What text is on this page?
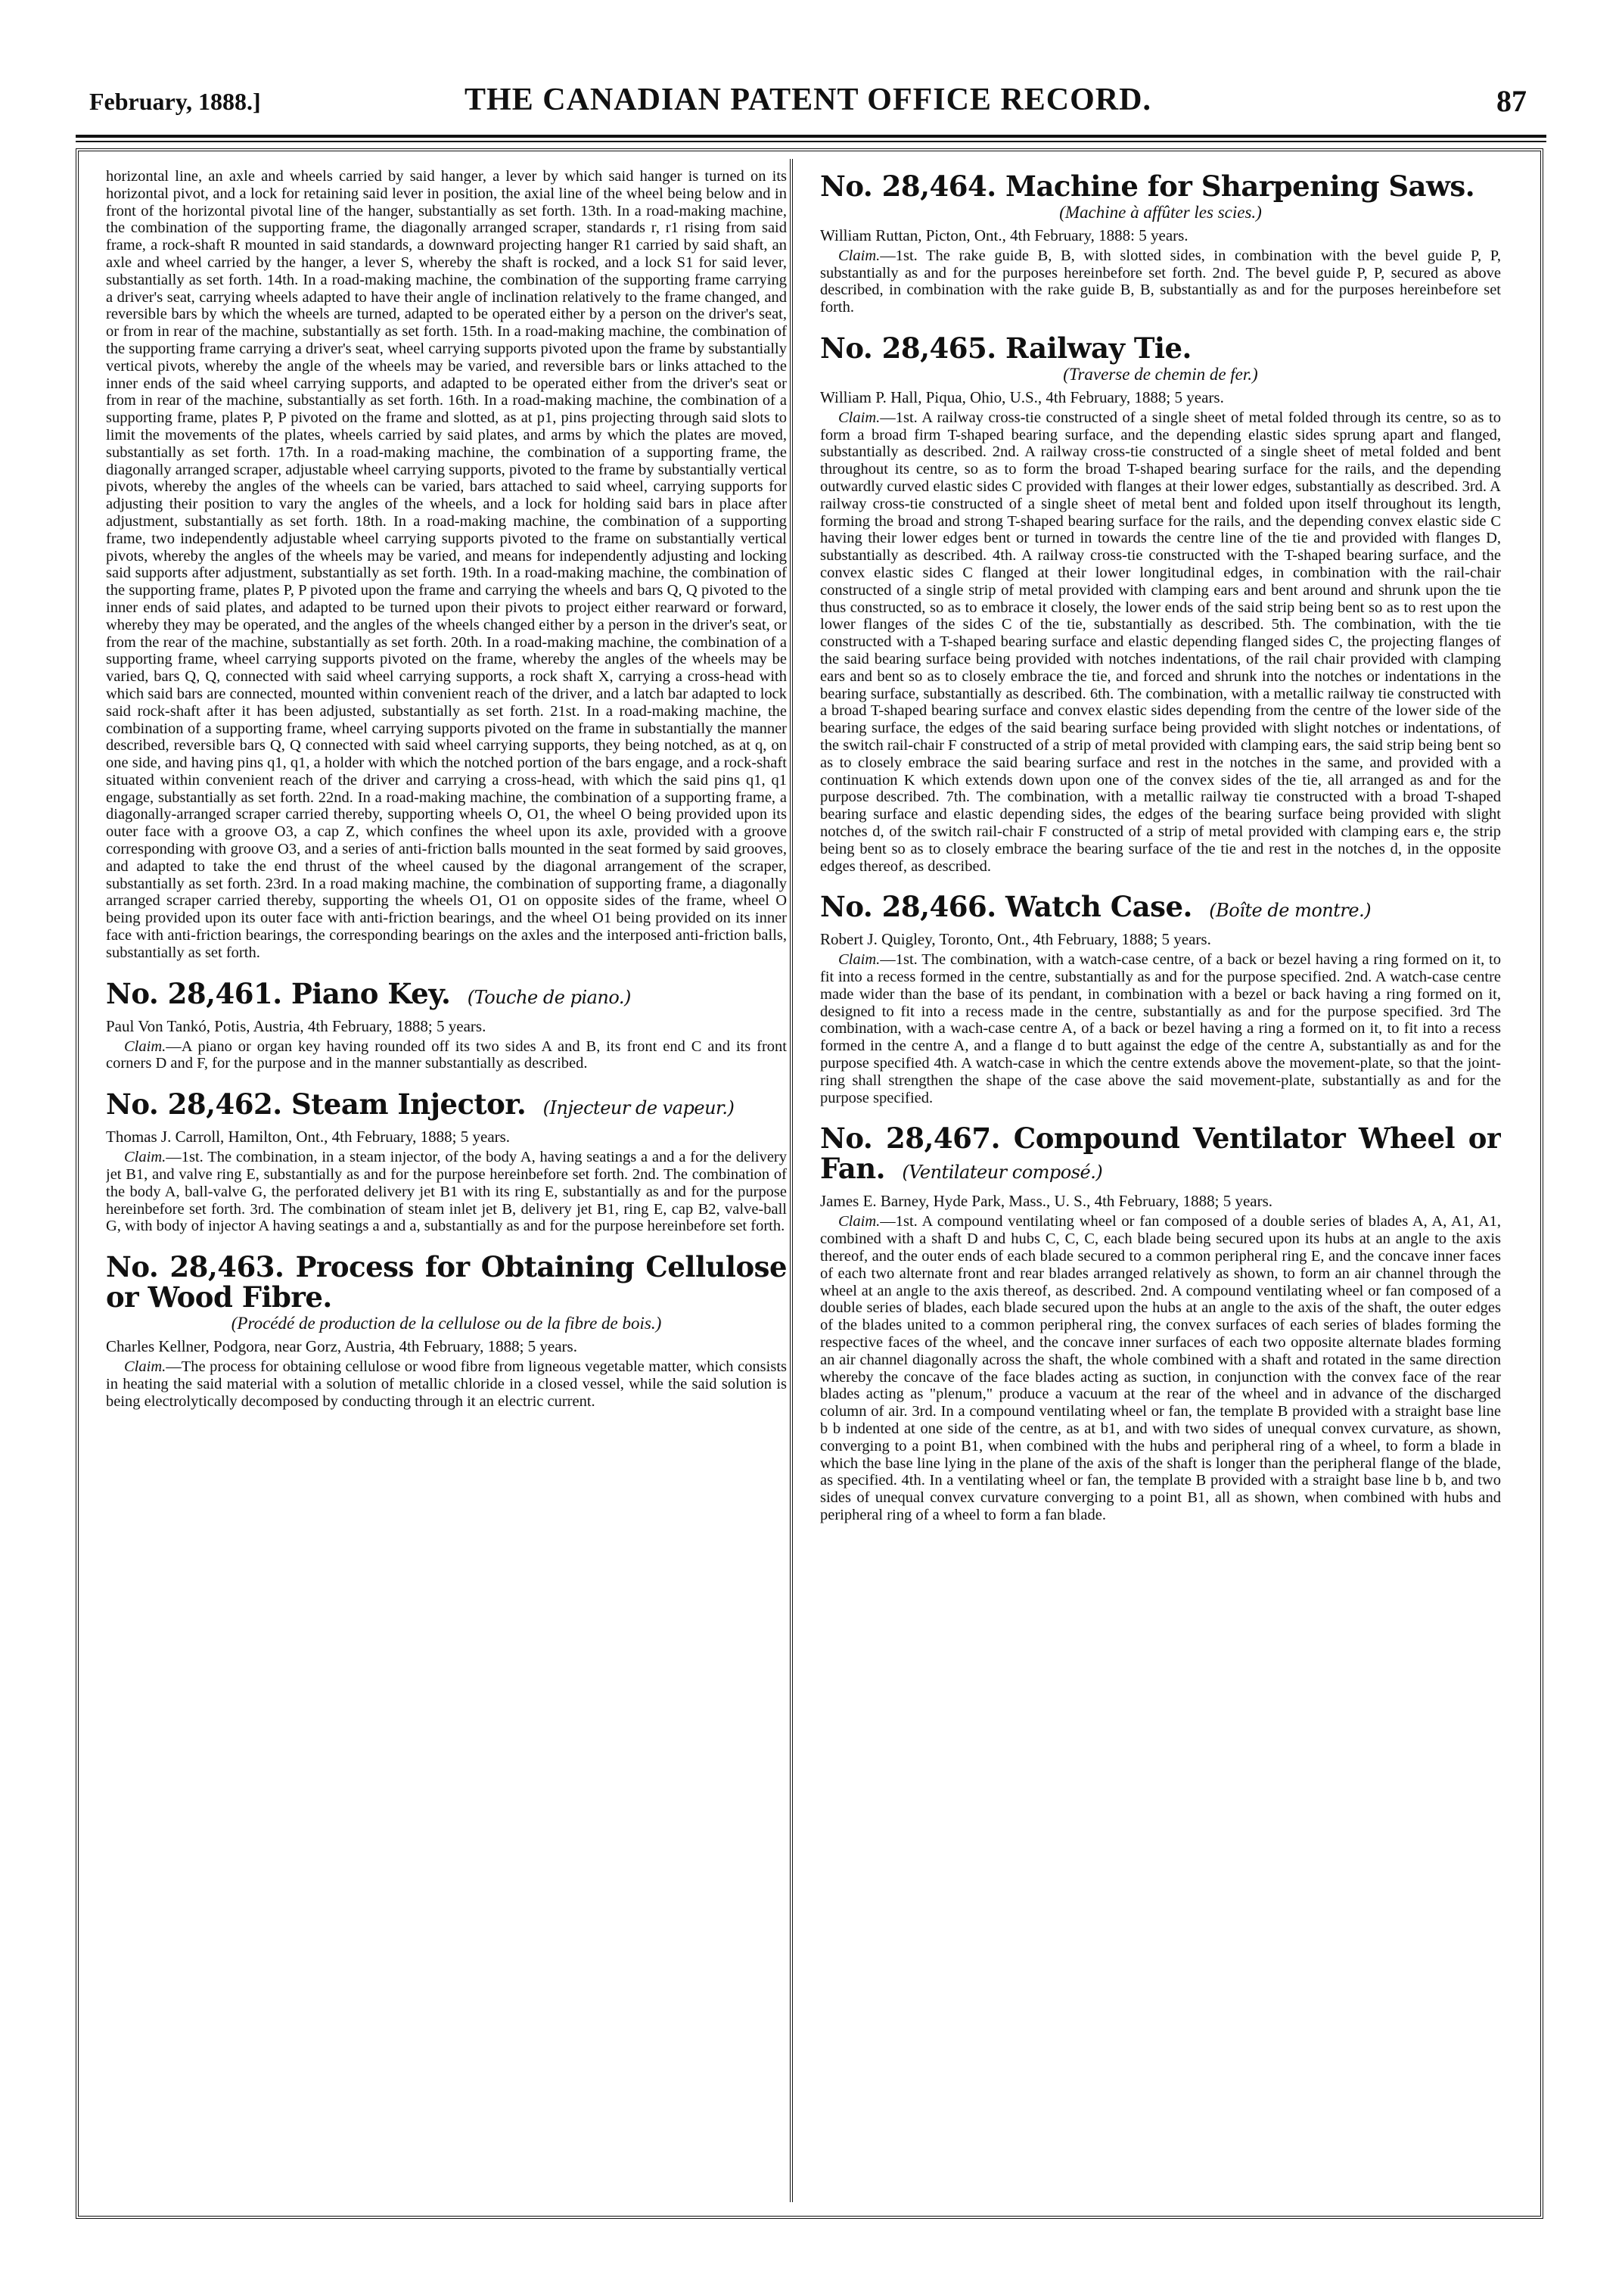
February, 1888.]	THE CANADIAN PATENT OFFICE RECORD.	87

horizontal line, an axle and wheels carried by said hanger, a lever by which said hanger is turned on its horizontal pivot, and a lock for retaining said lever in position, the axial line of the wheel being below and in front of the horizontal pivotal line of the hanger, substantially as set forth. 13th. In a road-making machine, the combination of the supporting frame, the diagonally arranged scraper, standards r, r1 rising from said frame, a rock-shaft R mounted in said standards, a downward projecting hanger R1 carried by said shaft, an axle and wheel carried by the hanger, a lever S, whereby the shaft is rocked, and a lock S1 for said lever, substantially as set forth. 14th. In a road-making machine, the combination of the supporting frame carrying a driver's seat, carrying wheels adapted to have their angle of inclination relatively to the frame changed, and reversible bars by which the wheels are turned, adapted to be operated either by a person on the driver's seat, or from in rear of the machine, substantially as set forth. 15th. In a road-making machine, the combination of the supporting frame carrying a driver's seat, wheel carrying supports pivoted upon the frame by substantially vertical pivots, whereby the angle of the wheels may be varied, and reversible bars or links attached to the inner ends of the said wheel carrying supports, and adapted to be operated either from the driver's seat or from in rear of the machine, substantially as set forth. 16th. In a road-making machine, the combination of a supporting frame, plates P, P pivoted on the frame and slotted, as at p1, pins projecting through said slots to limit the movements of the plates, wheels carried by said plates, and arms by which the plates are moved, substantially as set forth. 17th. In a road-making machine, the combination of a supporting frame, the diagonally arranged scraper, adjustable wheel carrying supports, pivoted to the frame by substantially vertical pivots, whereby the angles of the wheels can be varied, bars attached to said wheel, carrying supports for adjusting their position to vary the angles of the wheels, and a lock for holding said bars in place after adjustment, substantially as set forth. 18th. In a road-making machine, the combination of a supporting frame, two independently adjustable wheel carrying supports pivoted to the frame on substantially vertical pivots, whereby the angles of the wheels may be varied, and means for independently adjusting and locking said supports after adjustment, substantially as set forth. 19th. In a road-making machine, the combination of the supporting frame, plates P, P pivoted upon the frame and carrying the wheels and bars Q, Q pivoted to the inner ends of said plates, and adapted to be turned upon their pivots to project either rearward or forward, whereby they may be operated, and the angles of the wheels changed either by a person in the driver's seat, or from the rear of the machine, substantially as set forth. 20th. In a road-making machine, the combination of a supporting frame, wheel carrying supports pivoted on the frame, whereby the angles of the wheels may be varied, bars Q, Q, connected with said wheel carrying supports, a rock shaft X, carrying a cross-head with which said bars are connected, mounted within convenient reach of the driver, and a latch bar adapted to lock said rock-shaft after it has been adjusted, substantially as set forth. 21st. In a road-making machine, the combination of a supporting frame, wheel carrying supports pivoted on the frame in substantially the manner described, reversible bars Q, Q connected with said wheel carrying supports, they being notched, as at q, on one side, and having pins q1, q1, a holder with which the notched portion of the bars engage, and a rock-shaft situated within convenient reach of the driver and carrying a cross-head, with which the said pins q1, q1 engage, substantially as set forth. 22nd. In a road-making machine, the combination of a supporting frame, a diagonally-arranged scraper carried thereby, supporting wheels O, O1, the wheel O being provided upon its outer face with a groove O3, a cap Z, which confines the wheel upon its axle, provided with a groove corresponding with groove O3, and a series of anti-friction balls mounted in the seat formed by said grooves, and adapted to take the end thrust of the wheel caused by the diagonal arrangement of the scraper, substantially as set forth. 23rd. In a road making machine, the combination of supporting frame, a diagonally arranged scraper carried thereby, supporting the wheels O1, O1 on opposite sides of the frame, wheel O being provided upon its outer face with anti-friction bearings, and the wheel O1 being provided on its inner face with anti-friction bearings, the corresponding bearings on the axles and the interposed anti-friction balls, substantially as set forth.

No. 28,461. Piano Key. (Touche de piano.)

Paul Von Tankó, Potis, Austria, 4th February, 1888; 5 years.

Claim.—A piano or organ key having rounded off its two sides A and B, its front end C and its front corners D and F, for the purpose and in the manner substantially as described.

No. 28,462. Steam Injector. (Injecteur de vapeur.)

Thomas J. Carroll, Hamilton, Ont., 4th February, 1888; 5 years.

Claim.—1st. The combination, in a steam injector, of the body A, having seatings a and a for the delivery jet B1, and valve ring E, substantially as and for the purpose hereinbefore set forth. 2nd. The combination of the body A, ball-valve G, the perforated delivery jet B1 with its ring E, substantially as and for the purpose hereinbefore set forth. 3rd. The combination of steam inlet jet B, delivery jet B1, ring E, cap B2, valve-ball G, with body of injector A having seatings a and a, substantially as and for the purpose hereinbefore set forth.

No. 28,463. Process for Obtaining Cellulose or Wood Fibre.
(Procédé de production de la cellulose ou de la fibre de bois.)

Charles Kellner, Podgora, near Gorz, Austria, 4th February, 1888; 5 years.

Claim.—The process for obtaining cellulose or wood fibre from ligneous vegetable matter, which consists in heating the said material with a solution of metallic chloride in a closed vessel, while the said solution is being electrolytically decomposed by conducting through it an electric current.

No. 28,464. Machine for Sharpening Saws.
(Machine à affûter les scies.)

William Ruttan, Picton, Ont., 4th February, 1888: 5 years.

Claim.—1st. The rake guide B, B, with slotted sides, in combination with the bevel guide P, P, substantially as and for the purposes hereinbefore set forth. 2nd. The bevel guide P, P, secured as above described, in combination with the rake guide B, B, substantially as and for the purposes hereinbefore set forth.

No. 28,465. Railway Tie.
(Traverse de chemin de fer.)

William P. Hall, Piqua, Ohio, U.S., 4th February, 1888; 5 years.

Claim.—1st. A railway cross-tie constructed of a single sheet of metal folded through its centre, so as to form a broad firm T-shaped bearing surface, and the depending elastic sides sprung apart and flanged, substantially as described. 2nd. A railway cross-tie constructed of a single sheet of metal folded and bent throughout its centre, so as to form the broad T-shaped bearing surface for the rails, and the depending outwardly curved elastic sides C provided with flanges at their lower edges, substantially as described. 3rd. A railway cross-tie constructed of a single sheet of metal bent and folded upon itself throughout its length, forming the broad and strong T-shaped bearing surface for the rails, and the depending convex elastic side C having their lower edges bent or turned in towards the centre line of the tie and provided with flanges D, substantially as described. 4th. A railway cross-tie constructed with the T-shaped bearing surface, and the convex elastic sides C flanged at their lower longitudinal edges, in combination with the rail-chair constructed of a single strip of metal provided with clamping ears and bent around and shrunk upon the tie thus constructed, so as to embrace it closely, the lower ends of the said strip being bent so as to rest upon the lower flanges of the sides C of the tie, substantially as described. 5th. The combination, with the tie constructed with a T-shaped bearing surface and elastic depending flanged sides C, the projecting flanges of the said bearing surface being provided with notches indentations, of the rail chair provided with clamping ears and bent so as to closely embrace the tie, and forced and shrunk into the notches or indentations in the bearing surface, substantially as described. 6th. The combination, with a metallic railway tie constructed with a broad T-shaped bearing surface and convex elastic sides depending from the centre of the lower side of the bearing surface, the edges of the said bearing surface being provided with slight notches or indentations, of the switch rail-chair F constructed of a strip of metal provided with clamping ears, the said strip being bent so as to closely embrace the said bearing surface and rest in the notches in the same, and provided with a continuation K which extends down upon one of the convex sides of the tie, all arranged as and for the purpose described. 7th. The combination, with a metallic railway tie constructed with a broad T-shaped bearing surface and elastic depending sides, the edges of the bearing surface being provided with slight notches d, of the switch rail-chair F constructed of a strip of metal provided with clamping ears e, the strip being bent so as to closely embrace the bearing surface of the tie and rest in the notches d, in the opposite edges thereof, as described.

No. 28,466. Watch Case. (Boîte de montre.)

Robert J. Quigley, Toronto, Ont., 4th February, 1888; 5 years.

Claim.—1st. The combination, with a watch-case centre, of a back or bezel having a ring formed on it, to fit into a recess formed in the centre, substantially as and for the purpose specified. 2nd. A watch-case centre made wider than the base of its pendant, in combination with a bezel or back having a ring formed on it, designed to fit into a recess made in the centre, substantially as and for the purpose specified. 3rd The combination, with a wach-case centre A, of a back or bezel having a ring a formed on it, to fit into a recess formed in the centre A, and a flange d to butt against the edge of the centre A, substantially as and for the purpose specified 4th. A watch-case in which the centre extends above the movement-plate, so that the joint-ring shall strengthen the shape of the case above the said movement-plate, substantially as and for the purpose specified.

No. 28,467. Compound Ventilator Wheel or Fan. (Ventilateur composé.)

James E. Barney, Hyde Park, Mass., U. S., 4th February, 1888; 5 years.

Claim.—1st. A compound ventilating wheel or fan composed of a double series of blades A, A, A1, A1, combined with a shaft D and hubs C, C, C, each blade being secured upon its hubs at an angle to the axis thereof, and the outer ends of each blade secured to a common peripheral ring E, and the concave inner faces of each two alternate front and rear blades arranged relatively as shown, to form an air channel through the wheel at an angle to the axis thereof, as described. 2nd. A compound ventilating wheel or fan composed of a double series of blades, each blade secured upon the hubs at an angle to the axis of the shaft, the outer edges of the blades united to a common peripheral ring, the convex surfaces of each series of blades forming the respective faces of the wheel, and the concave inner surfaces of each two opposite alternate blades forming an air channel diagonally across the shaft, the whole combined with a shaft and rotated in the same direction whereby the concave of the face blades acting as suction, in conjunction with the convex face of the rear blades acting as "plenum," produce a vacuum at the rear of the wheel and in advance of the discharged column of air. 3rd. In a compound ventilating wheel or fan, the template B provided with a straight base line b b indented at one side of the centre, as at b1, and with two sides of unequal convex curvature, as shown, converging to a point B1, when combined with the hubs and peripheral ring of a wheel, to form a blade in which the base line lying in the plane of the axis of the shaft is longer than the peripheral flange of the blade, as specified. 4th. In a ventilating wheel or fan, the template B provided with a straight base line b b, and two sides of unequal convex curvature converging to a point B1, all as shown, when combined with hubs and peripheral ring of a wheel to form a fan blade.
